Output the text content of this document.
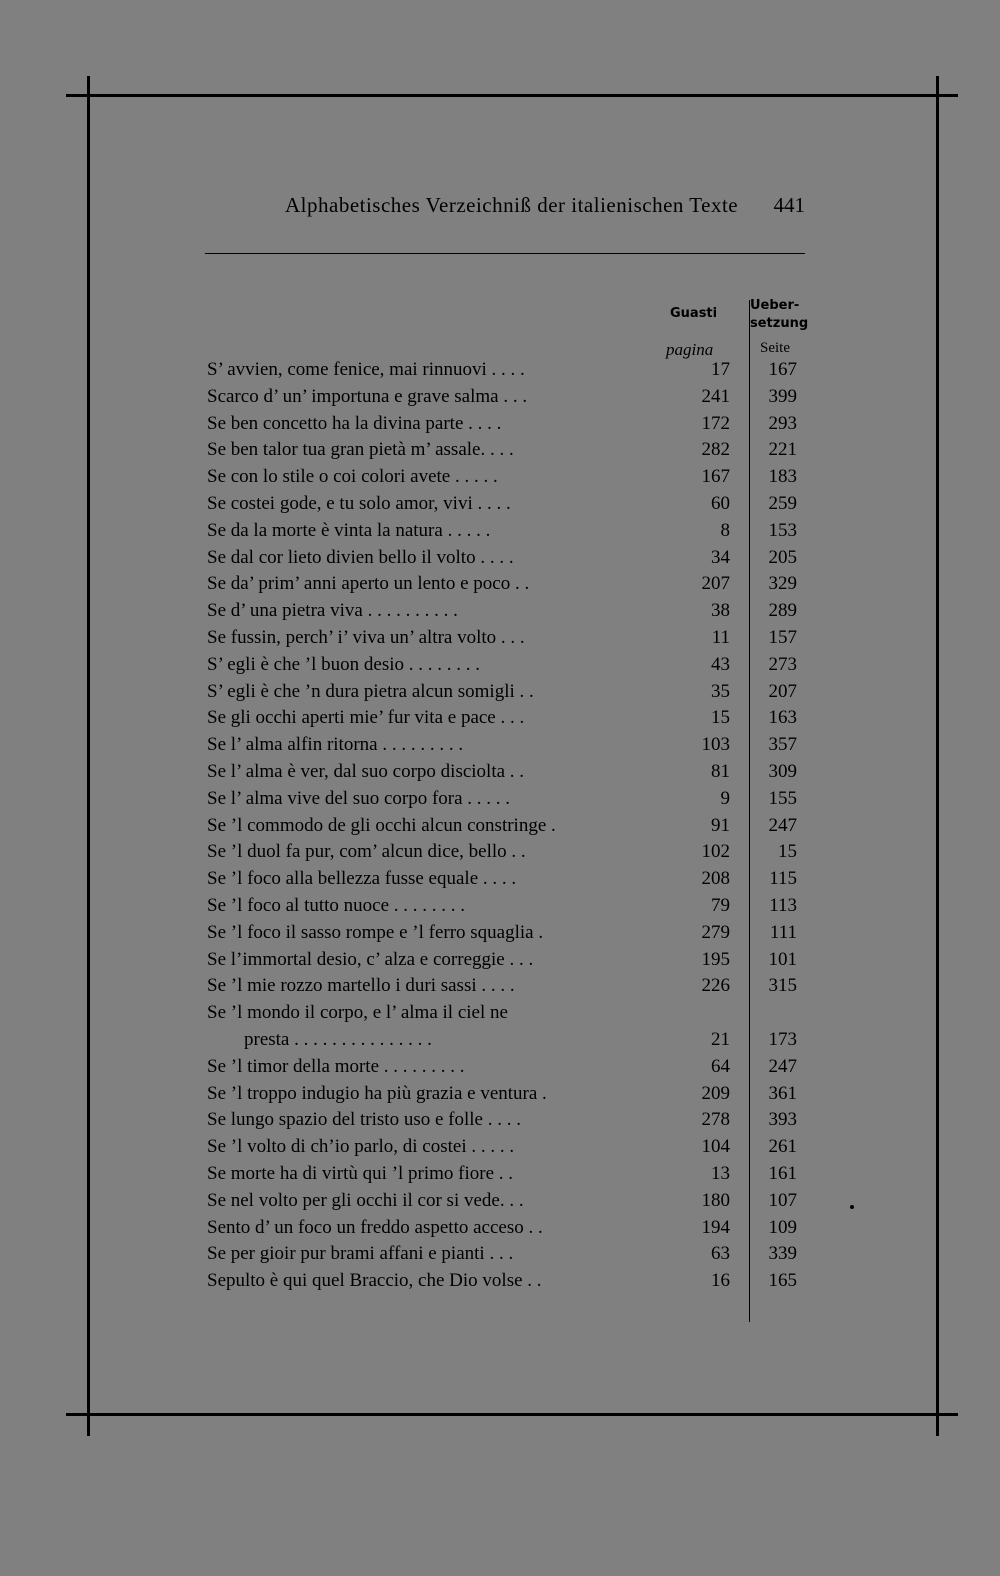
Alphabetisches Verzeichniß der italienischen Texte 441
Guasti
Ueber-
setzung
pagina	Seite
S’ avvien, come fenice, mai rinnuovi . . . .	17	167
Scarco d’ un’ importuna e grave salma . . .	241	399
Se ben concetto ha la divina parte . . . .	172	293
Se ben talor tua gran pietà m’ assale. . . .	282	221
Se con lo stile o coi colori avete . . . . .	167	183
Se costei gode, e tu solo amor, vivi . . . .	60	259
Se da la morte è vinta la natura . . . . .	8	153
Se dal cor lieto divien bello il volto . . . .	34	205
Se da’ prim’ anni aperto un lento e poco . .	207	329
Se d’ una pietra viva . . . . . . . . . .	38	289
Se fussin, perch’ i’ viva un’ altra volto . . .	11	157
S’ egli è che ’l buon desio . . . . . . . .	43	273
S’ egli è che ’n dura pietra alcun somigli . .	35	207
Se gli occhi aperti mie’ fur vita e pace . . .	15	163
Se l’ alma alfin ritorna . . . . . . . . .	103	357
Se l’ alma è ver, dal suo corpo disciolta . .	81	309
Se l’ alma vive del suo corpo fora . . . . .	9	155
Se ’l commodo de gli occhi alcun constringe .	91	247
Se ’l duol fa pur, com’ alcun dice, bello . .	102	15
Se ’l foco alla bellezza fusse equale . . . .	208	115
Se ’l foco al tutto nuoce . . . . . . . .	79	113
Se ’l foco il sasso rompe e ’l ferro squaglia .	279	111
Se l’immortal desio, c’ alza e correggie . . .	195	101
Se ’l mie rozzo martello i duri sassi . . . .	226	315
Se ’l mondo il corpo, e l’ alma il ciel ne
presta . . . . . . . . . . . . . . .	21	173
Se ’l timor della morte . . . . . . . . .	64	247
Se ’l troppo indugio ha più grazia e ventura .	209	361
Se lungo spazio del tristo uso e folle . . . .	278	393
Se ’l volto di ch’io parlo, di costei . . . . .	104	261
Se morte ha di virtù qui ’l primo fiore . .	13	161
Se nel volto per gli occhi il cor si vede. . .	180	107
Sento d’ un foco un freddo aspetto acceso . .	194	109
Se per gioir pur brami affani e pianti . . .	63	339
Sepulto è qui quel Braccio, che Dio volse . .	16	165
